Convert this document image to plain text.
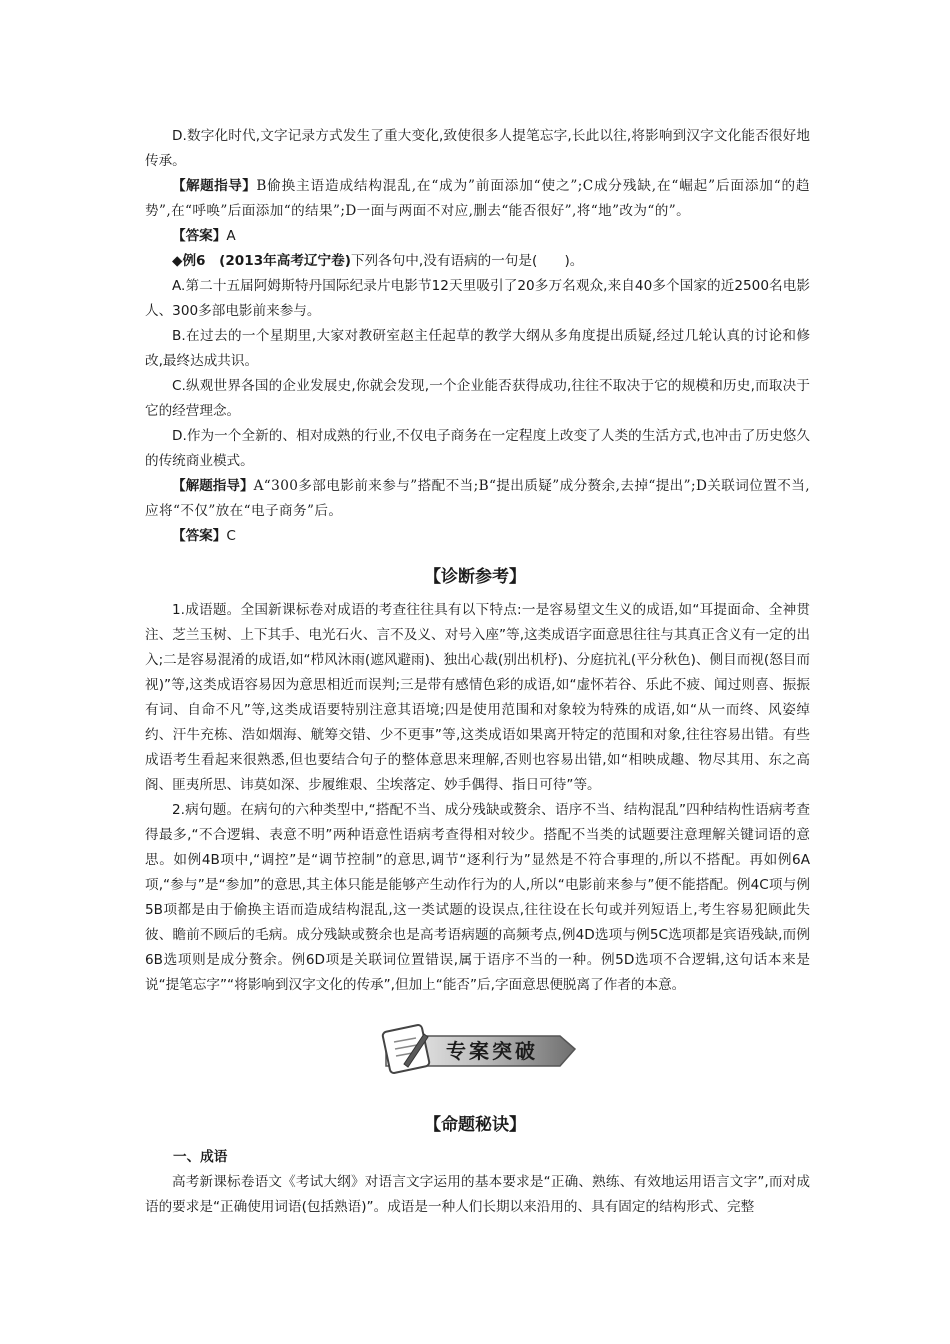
D.数字化时代,文字记录方式发生了重大变化,致使很多人提笔忘字,长此以往,将影响到汉字文化能否很好地传承。

【解题指导】B偷换主语造成结构混乱,在“成为”前面添加“使之”;C成分残缺,在“崛起”后面添加“的趋势”,在“呼唤”后面添加“的结果”;D一面与两面不对应,删去“能否很好”,将“地”改为“的”。

【答案】A

◆例6　 (2013年高考辽宁卷)下列各句中,没有语病的一句是(　　)。

A.第二十五届阿姆斯特丹国际纪录片电影节12天里吸引了20多万名观众,来自40多个国家的近2500名电影人、300多部电影前来参与。

B.在过去的一个星期里,大家对教研室赵主任起草的教学大纲从多角度提出质疑,经过几轮认真的讨论和修改,最终达成共识。

C.纵观世界各国的企业发展史,你就会发现,一个企业能否获得成功,往往不取决于它的规模和历史,而取决于它的经营理念。

D.作为一个全新的、相对成熟的行业,不仅电子商务在一定程度上改变了人类的生活方式,也冲击了历史悠久的传统商业模式。

【解题指导】A“300多部电影前来参与”搭配不当;B“提出质疑”成分赘余,去掉“提出”;D关联词位置不当,应将“不仅”放在“电子商务”后。

【答案】C

【诊断参考】

1.成语题。全国新课标卷对成语的考查往往具有以下特点:一是容易望文生义的成语,如“耳提面命、全神贯注、芝兰玉树、上下其手、电光石火、言不及义、对号入座”等,这类成语字面意思往往与其真正含义有一定的出入;二是容易混淆的成语,如“栉风沐雨(遮风避雨)、独出心裁(别出机杼)、分庭抗礼(平分秋色)、侧目而视(怒目而视)”等,这类成语容易因为意思相近而误判;三是带有感情色彩的成语,如“虚怀若谷、乐此不疲、闻过则喜、振振有词、自命不凡”等,这类成语要特别注意其语境;四是使用范围和对象较为特殊的成语,如“从一而终、风姿绰约、汗牛充栋、浩如烟海、觥筹交错、少不更事”等,这类成语如果离开特定的范围和对象,往往容易出错。有些成语考生看起来很熟悉,但也要结合句子的整体意思来理解,否则也容易出错,如“相映成趣、物尽其用、东之高阁、匪夷所思、讳莫如深、步履维艰、尘埃落定、妙手偶得、指日可待”等。

2.病句题。在病句的六种类型中,“搭配不当、成分残缺或赘余、语序不当、结构混乱”四种结构性语病考查得最多,“不合逻辑、表意不明”两种语意性语病考查得相对较少。搭配不当类的试题要注意理解关键词语的意思。如例4B项中,“调控”是“调节控制”的意思,调节“逐利行为”显然是不符合事理的,所以不搭配。再如例6A项,“参与”是“参加”的意思,其主体只能是能够产生动作行为的人,所以“电影前来参与”便不能搭配。例4C项与例5B项都是由于偷换主语而造成结构混乱,这一类试题的设误点,往往设在长句或并列短语上,考生容易犯顾此失彼、瞻前不顾后的毛病。成分残缺或赘余也是高考语病题的高频考点,例4D选项与例5C选项都是宾语残缺,而例6B选项则是成分赘余。例6D项是关联词位置错误,属于语序不当的一种。例5D选项不合逻辑,这句话本来是说“提笔忘字”“将影响到汉字文化的传承”,但加上“能否”后,字面意思便脱离了作者的本意。

专案突破
【命题秘诀】
一、成语

高考新课标卷语文《考试大纲》对语言文字运用的基本要求是“正确、熟练、有效地运用语言文字”,而对成语的要求是“正确使用词语(包括熟语)”。成语是一种人们长期以来沿用的、具有固定的结构形式、完整
